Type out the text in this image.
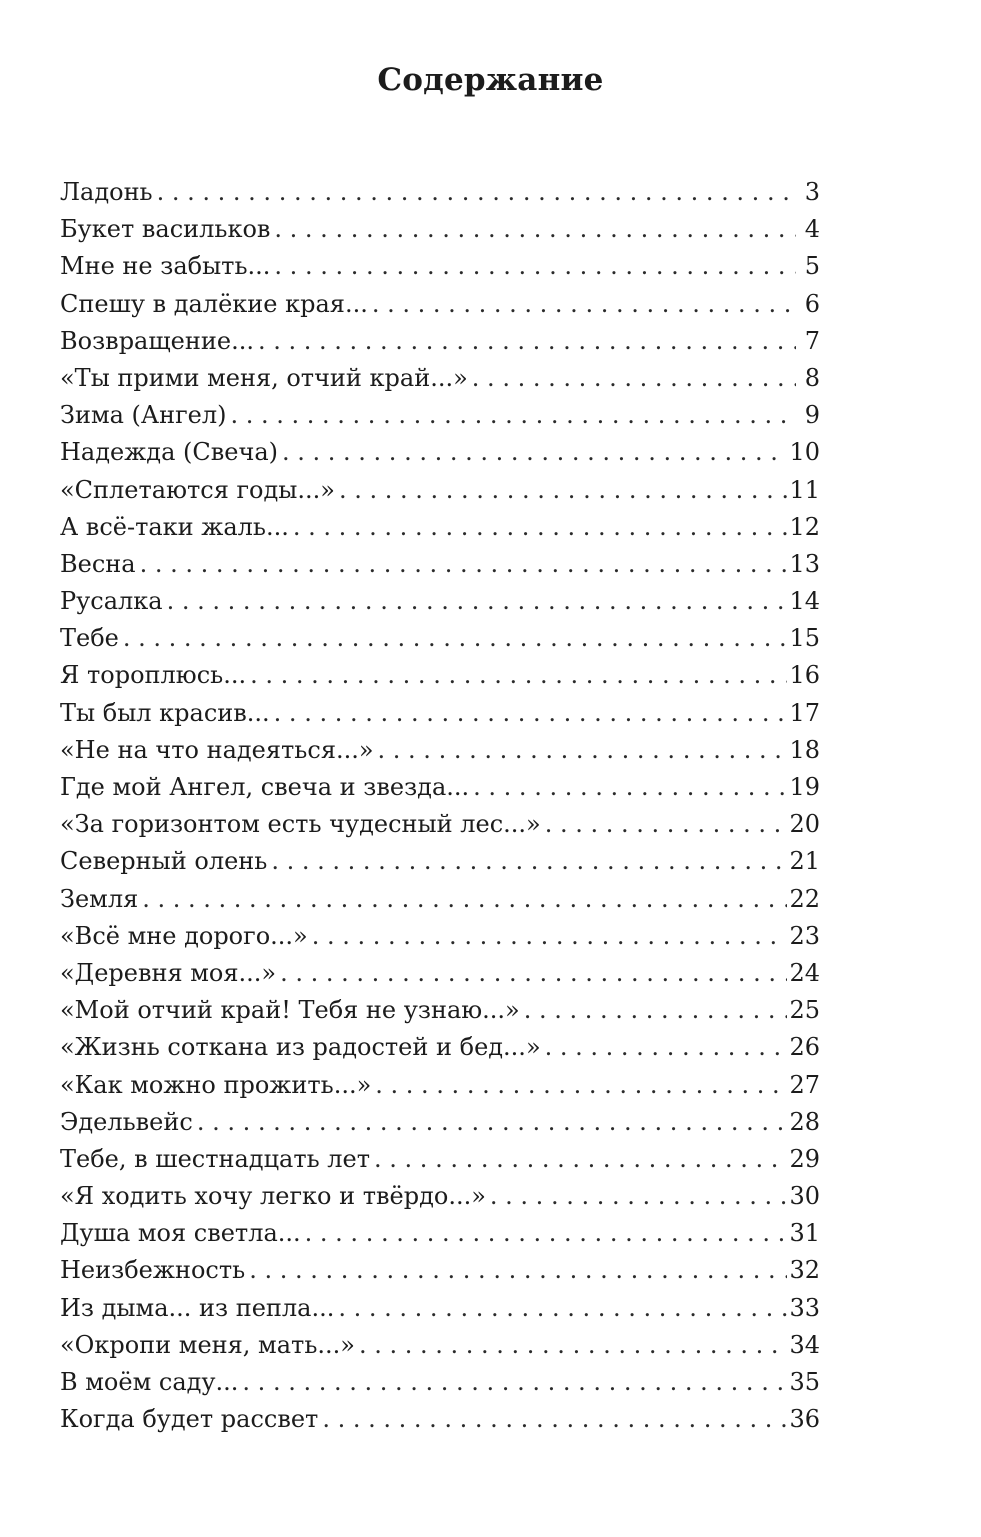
Содержание
Ладонь . . .	3
Букет васильков . . .	4
Мне не забыть... . . .	5
Спешу в далёкие края... . . .	6
Возвращение... . . .	7
«Ты прими меня, отчий край...» . . .	8
Зима (Ангел) . . .	9
Надежда (Свеча) . . .	10
«Сплетаются годы...» . . .	11
А всё-таки жаль... . . .	12
Весна . . .	13
Русалка . . .	14
Тебе . . .	15
Я тороплюсь... . . .	16
Ты был красив... . . .	17
«Не на что надеяться...» . . .	18
Где мой Ангел, свеча и звезда... . . .	19
«За горизонтом есть чудесный лес...» . . .	20
Северный олень . . .	21
Земля . . .	22
«Всё мне дорого...» . . .	23
«Деревня моя...» . . .	24
«Мой отчий край! Тебя не узнаю...» . . .	25
«Жизнь соткана из радостей и бед...» . . .	26
«Как можно прожить...» . . .	27
Эдельвейс . . .	28
Тебе, в шестнадцать лет . . .	29
«Я ходить хочу легко и твёрдо...» . . .	30
Душа моя светла... . . .	31
Неизбежность . . .	32
Из дыма... из пепла... . . .	33
«Окропи меня, мать...» . . .	34
В моём саду... . . .	35
Когда будет рассвет . . .	36
